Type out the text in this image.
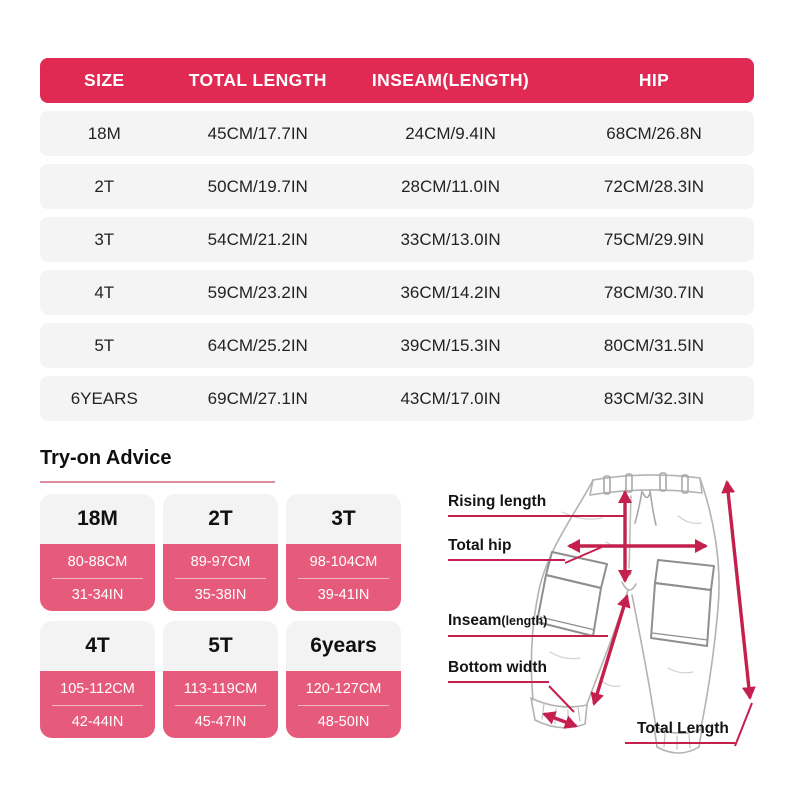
SIZE	TOTAL LENGTH	INSEAM(LENGTH)	HIP
18M	45CM/17.7IN	24CM/9.4IN	68CM/26.8N
2T	50CM/19.7IN	28CM/11.0IN	72CM/28.3IN
3T	54CM/21.2IN	33CM/13.0IN	75CM/29.9IN
4T	59CM/23.2IN	36CM/14.2IN	78CM/30.7IN
5T	64CM/25.2IN	39CM/15.3IN	80CM/31.5IN
6YEARS	69CM/27.1IN	43CM/17.0IN	83CM/32.3IN
Try-on Advice
18M
80-88CM
31-34IN
2T
89-97CM
35-38IN
3T
98-104CM
39-41IN
4T
105-112CM
42-44IN
5T
113-119CM
45-47IN
6years
120-127CM
48-50IN
Rising length
Total hip
Inseam(length)
Bottom width
Total Length
